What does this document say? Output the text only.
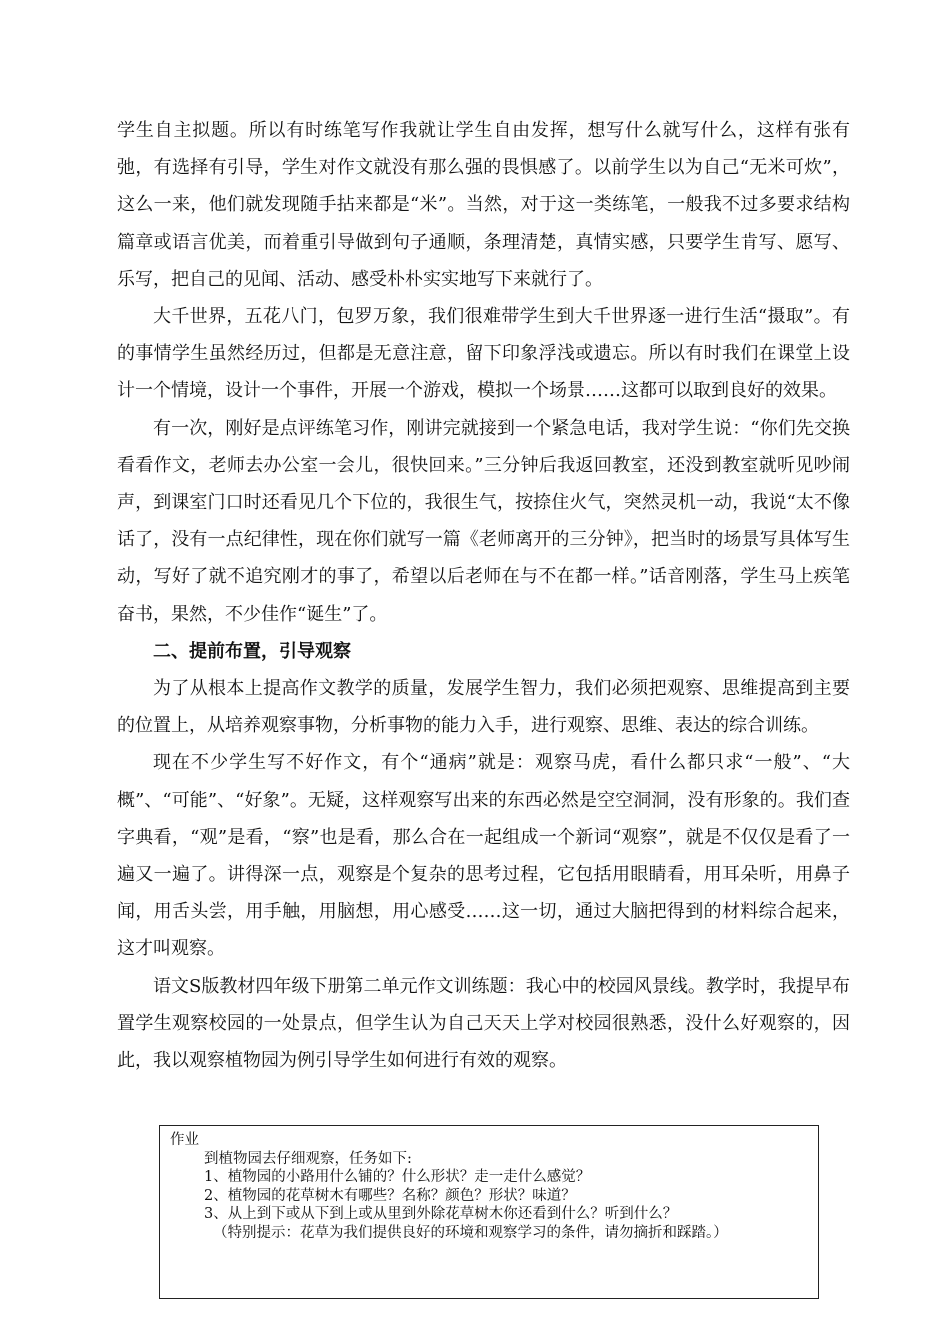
学生自主拟题。所以有时练笔写作我就让学生自由发挥，想写什么就写什么，这样有张有弛，有选择有引导，学生对作文就没有那么强的畏惧感了。以前学生以为自己“无米可炊”，这么一来，他们就发现随手拈来都是“米”。当然，对于这一类练笔，一般我不过多要求结构篇章或语言优美，而着重引导做到句子通顺，条理清楚，真情实感，只要学生肯写、愿写、乐写，把自己的见闻、活动、感受朴朴实实地写下来就行了。

大千世界，五花八门，包罗万象，我们很难带学生到大千世界逐一进行生活“摄取”。有的事情学生虽然经历过，但都是无意注意，留下印象浮浅或遗忘。所以有时我们在课堂上设计一个情境，设计一个事件，开展一个游戏，模拟一个场景……这都可以取到良好的效果。

有一次，刚好是点评练笔习作，刚讲完就接到一个紧急电话，我对学生说：“你们先交换看看作文，老师去办公室一会儿，很快回来。”三分钟后我返回教室，还没到教室就听见吵闹声，到课室门口时还看见几个下位的，我很生气，按捺住火气，突然灵机一动，我说“太不像话了，没有一点纪律性，现在你们就写一篇《老师离开的三分钟》，把当时的场景写具体写生动，写好了就不追究刚才的事了，希望以后老师在与不在都一样。”话音刚落，学生马上疾笔奋书，果然，不少佳作“诞生”了。

二、提前布置，引导观察

为了从根本上提高作文教学的质量，发展学生智力，我们必须把观察、思维提高到主要的位置上，从培养观察事物，分析事物的能力入手，进行观察、思维、表达的综合训练。

现在不少学生写不好作文，有个“通病”就是：观察马虎，看什么都只求“一般”、“大概”、“可能”、“好象”。无疑，这样观察写出来的东西必然是空空洞洞，没有形象的。我们查字典看，“观”是看，“察”也是看，那么合在一起组成一个新词“观察”，就是不仅仅是看了一遍又一遍了。讲得深一点，观察是个复杂的思考过程，它包括用眼睛看，用耳朵听，用鼻子闻，用舌头尝，用手触，用脑想，用心感受……这一切，通过大脑把得到的材料综合起来，这才叫观察。

语文S版教材四年级下册第二单元作文训练题：我心中的校园风景线。教学时，我提早布置学生观察校园的一处景点，但学生认为自己天天上学对校园很熟悉，没什么好观察的，因此，我以观察植物园为例引导学生如何进行有效的观察。

作业

到植物园去仔细观察，任务如下:

1、植物园的小路用什么铺的？什么形状？走一走什么感觉？

2、植物园的花草树木有哪些？名称？颜色？形状？味道？

3、从上到下或从下到上或从里到外除花草树木你还看到什么？听到什么？

（特别提示：花草为我们提供良好的环境和观察学习的条件，请勿摘折和踩踏。）
